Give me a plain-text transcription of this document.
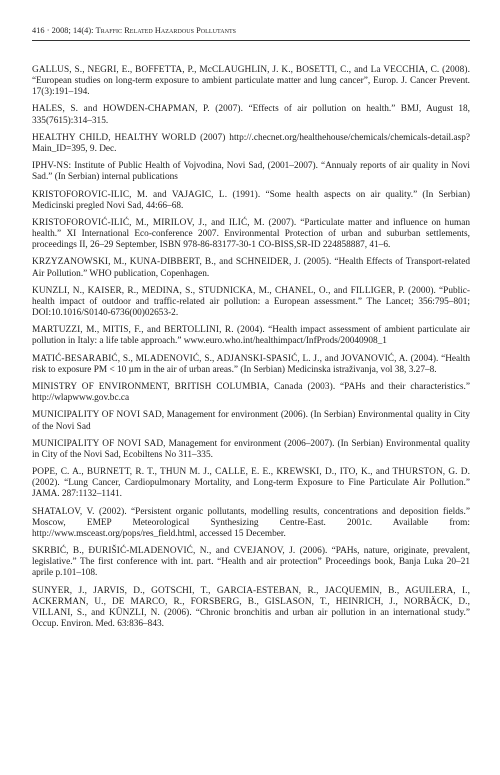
416 · 2008; 14(4): Traffic Related Hazardous Pollutants

GALLUS, S., NEGRI, E., BOFFETTA, P., McCLAUGHLIN, J. K., BOSETTI, C., and La VECCHIA, C. (2008). “European studies on long-term exposure to ambient particulate matter and lung cancer”, Europ. J. Cancer Prevent. 17(3):191–194.

HALES, S. and HOWDEN-CHAPMAN, P. (2007). “Effects of air pollution on health.” BMJ, August 18, 335(7615):314–315.

HEALTHY CHILD, HEALTHY WORLD (2007) http://.checnet.org/healthehouse/chemicals/chemicals-detail.asp?Main_ID=395, 9. Dec.

IPHV-NS: Institute of Public Health of Vojvodina, Novi Sad, (2001–2007). “Annualy reports of air quality in Novi Sad.” (In Serbian) internal publications

KRISTOFOROVIC-ILIC, M. and VAJAGIC, L. (1991). “Some health aspects on air quality.” (In Serbian) Medicinski pregled Novi Sad, 44:66–68.

KRISTOFOROVIĆ-ILIĆ, M., MIRILOV, J., and ILIĆ, M. (2007). “Particulate matter and influence on human health.” XI International Eco-conference 2007. Environmental Protection of urban and suburban settlements, proceedings II, 26–29 September, ISBN 978-86-83177-30-1 CO-BISS,SR-ID 224858887, 41–6.

KRZYZANOWSKI, M., KUNA-DIBBERT, B., and SCHNEIDER, J. (2005). “Health Effects of Transport-related Air Pollution.” WHO publication, Copenhagen.

KUNZLI, N., KAISER, R., MEDINA, S., STUDNICKA, M., CHANEL, O., and FILLIGER, P. (2000). “Public-health impact of outdoor and traffic-related air pollution: a European assessment.” The Lancet; 356:795–801; DOI:10.1016/S0140-6736(00)02653-2.

MARTUZZI, M., MITIS, F., and BERTOLLINI, R. (2004). “Health impact assessment of ambient particulate air pollution in Italy: a life table approach.” www.euro.who.int/healthimpact/InfProds/20040908_1

MATIĆ-BESARABIĆ, S., MLADENOVIĆ, S., ADJANSKI-SPASIĆ, L. J., and JOVANOVIĆ, A. (2004). “Health risk to exposure PM < 10 µm in the air of urban areas.” (In Serbian) Medicinska istraživanja, vol 38, 3.27–8.

MINISTRY OF ENVIRONMENT, BRITISH COLUMBIA, Canada (2003). “PAHs and their characteristics.” http://wlapwww.gov.bc.ca

MUNICIPALITY OF NOVI SAD, Management for environment (2006). (In Serbian) Environmental quality in City of the Novi Sad

MUNICIPALITY OF NOVI SAD, Management for environment (2006–2007). (In Serbian) Environmental quality in City of the Novi Sad, Ecobiltens No 311–335.

POPE, C. A., BURNETT, R. T., THUN M. J., CALLE, E. E., KREWSKI, D., ITO, K., and THURSTON, G. D. (2002). “Lung Cancer, Cardiopulmonary Mortality, and Long-term Exposure to Fine Particulate Air Pollution.” JAMA. 287:1132–1141.

SHATALOV, V. (2002). “Persistent organic pollutants, modelling results, concentrations and deposition fields.” Moscow, EMEP Meteorological Synthesizing Centre-East. 2001c. Available from: http://www.msceast.org/pops/res_field.html, accessed 15 December.

SKRBIĆ, B., ĐURIŠIĆ-MLADENOVIĆ, N., and CVEJANOV, J. (2006). “PAHs, nature, originate, prevalent, legislative.” The first conference with int. part. “Health and air protection” Proceedings book, Banja Luka 20–21 aprile p.101–108.

SUNYER, J., JARVIS, D., GOTSCHI, T., GARCIA-ESTEBAN, R., JACQUEMIN, B., AGUILERA, I., ACKERMAN, U., DE MARCO, R., FORSBERG, B., GISLASON, T., HEINRICH, J., NORBÄCK, D., VILLANI, S., and KÜNZLI, N. (2006). “Chronic bronchitis and urban air pollution in an international study.” Occup. Environ. Med. 63:836–843.
